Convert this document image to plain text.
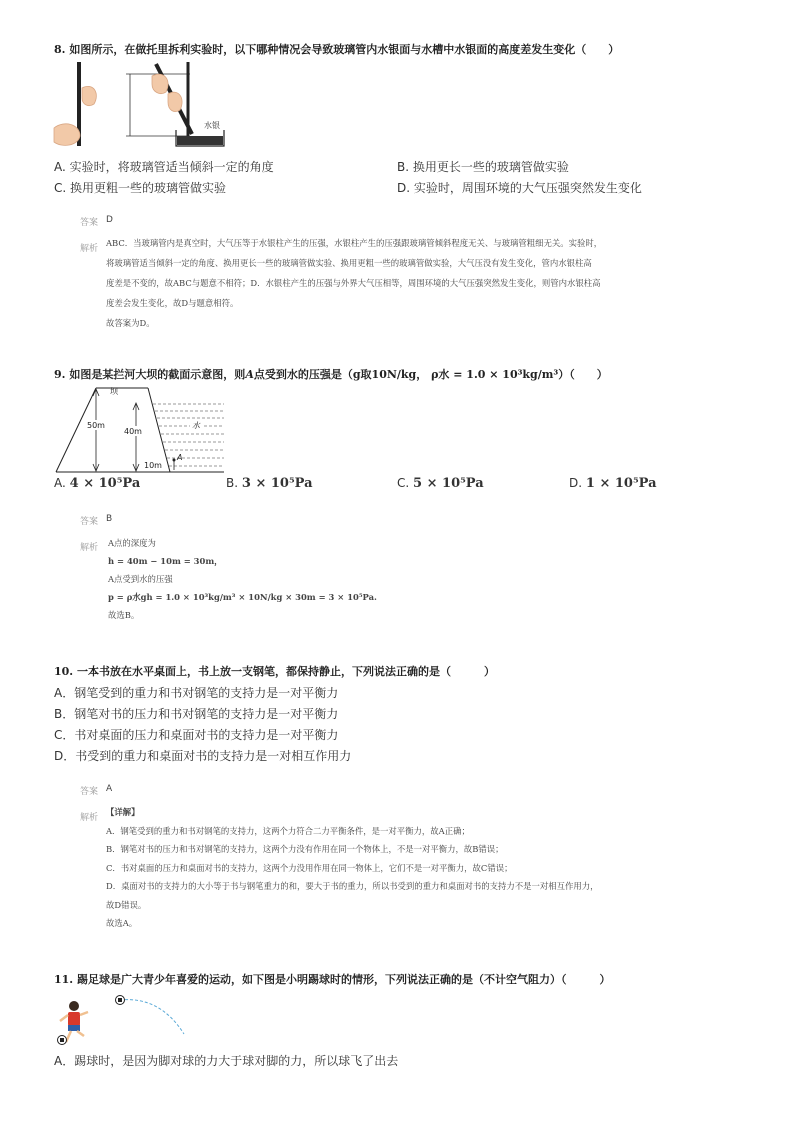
8. 如图所示，在做托里拆利实验时，以下哪种情况会导致玻璃管内水银面与水槽中水银面的高度差发生变化（　　）
水银
A. 实验时，将玻璃管适当倾斜一定的角度	B. 换用更长一些的玻璃管做实验
C. 换用更粗一些的玻璃管做实验	D. 实验时，周围环境的大气压强突然发生变化
答案 D
解析
ABC．当玻璃管内是真空时，大气压等于水银柱产生的压强，水银柱产生的压强跟玻璃管倾斜程度无关、与玻璃管粗细无关。实验时，
将玻璃管适当倾斜一定的角度、换用更长一些的玻璃管做实验、换用更粗一些的玻璃管做实验，大气压没有发生变化，管内水银柱高
度差是不变的，故ABC与题意不相符；D．水银柱产生的压强与外界大气压相等，周围环境的大气压强突然发生变化，则管内水银柱高
度差会发生变化，故D与题意相符。
故答案为D。
9. 如图是某拦河大坝的截面示意图，则A点受到水的压强是（g取10N/kg， ρ水 = 1.0 × 10³kg/m³）（　　）
50m
40m
坝
水
A
10m
A. 4 × 10⁵Pa	B. 3 × 10⁵Pa	C. 5 × 10⁵Pa	D. 1 × 10⁵Pa
答案 B
解析 A点的深度为
h = 40m − 10m = 30m，
A点受到水的压强
p = ρ水gh = 1.0 × 10³kg/m³ × 10N/kg × 30m = 3 × 10⁵Pa.
故选B。
10. 一本书放在水平桌面上，书上放一支钢笔，都保持静止，下列说法正确的是（　　　）
A．钢笔受到的重力和书对钢笔的支持力是一对平衡力
B．钢笔对书的压力和书对钢笔的支持力是一对平衡力
C．书对桌面的压力和桌面对书的支持力是一对平衡力
D．书受到的重力和桌面对书的支持力是一对相互作用力
答案 A
解析
【详解】
A．钢笔受到的重力和书对钢笔的支持力，这两个力符合二力平衡条件，是一对平衡力，故A正确；
B．钢笔对书的压力和书对钢笔的支持力，这两个力没有作用在同一个物体上，不是一对平衡力，故B错误；
C．书对桌面的压力和桌面对书的支持力，这两个力没用作用在同一物体上，它们不是一对平衡力，故C错误；
D．桌面对书的支持力的大小等于书与钢笔重力的和，要大于书的重力，所以书受到的重力和桌面对书的支持力不是一对相互作用力，
故D错误。
故选A。
11. 踢足球是广大青少年喜爱的运动，如下图是小明踢球时的情形，下列说法正确的是（不计空气阻力）（　　　）
A．踢球时，是因为脚对球的力大于球对脚的力，所以球飞了出去
